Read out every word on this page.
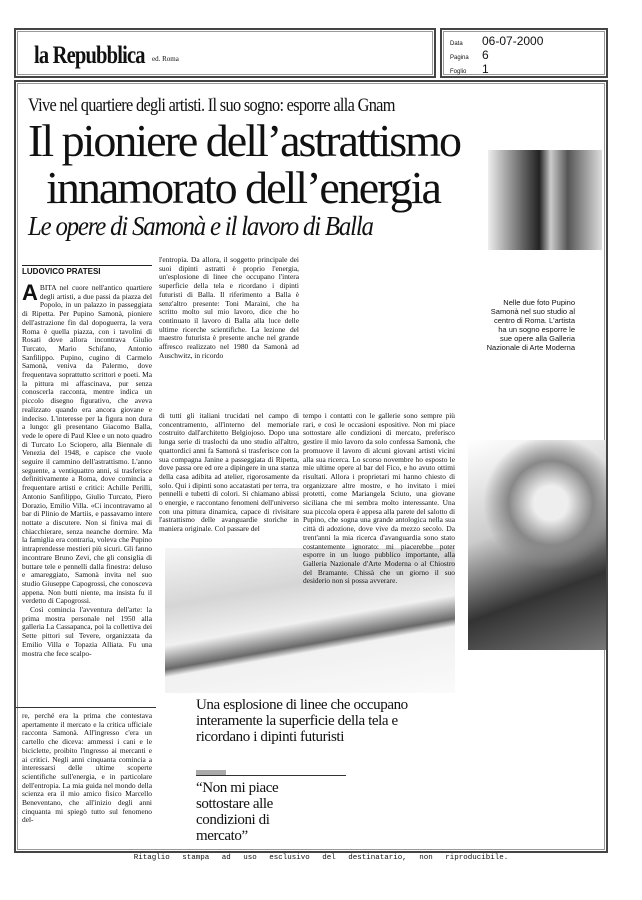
la Repubblica ed. Roma
Data 06-07-2000
Pagina 6
Foglio 1
Vive nel quartiere degli artisti. Il suo sogno: esporre alla Gnam
Il pioniere dell’astrattismo
innamorato dell’energia
Le opere di Samonà e il lavoro di Balla
Nelle due foto Pupino Samonà nel suo studio al centro di Roma. L'artista ha un sogno esporre le sue opere alla Galleria Nazionale di Arte Moderna
LUDOVICO PRATESI
ABITA nel cuore nell'antico quartiere degli artisti, a due passi da piazza del Popolo, in un palazzo in passeggiata di Ripetta. Per Pupino Samonà, pioniere dell'astrazione fin dal dopoguerra, la vera Roma è quella piazza, con i tavolini di Rosati dove allora incontrava Giulio Turcato, Mario Schifano, Antonio Sanfilippo. Pupino, cugino di Carmelo Samonà, veniva da Palermo, dove frequentava soprattutto scrittori e poeti. Ma la pittura mi affascinava, pur senza conoscerla racconta, mentre indica un piccolo disegno figurativo, che aveva realizzato quando era ancora giovane e indeciso. L'interesse per la figura non dura a lungo: gli presentano Giacomo Balla, vede le opere di Paul Klee e un noto quadro di Turcato Lo Sciopero, alla Biennale di Venezia del 1948, e capisce che vuole seguire il cammino dell'astrattismo. L'anno seguente, a ventiquattro anni, si trasferisce definitivamente a Roma, dove comincia a frequentare artisti e critici: Achille Perilli, Antonio Sanfilippo, Giulio Turcato, Piero Dorazio, Emilio Villa. «Ci incontravamo al bar di Plinio de Martiis, e passavamo intere nottate a discutere. Non si finiva mai di chiacchierare, senza neanche dormire. Ma la famiglia era contraria, voleva che Pupino intraprendesse mestieri più sicuri. Gli fanno incontrare Bruno Zevi, che gli consiglia di buttare tele e pennelli dalla finestra: deluso e amareggiato, Samonà invita nel suo studio Giuseppe Capogrossi, che conosceva appena. Non butti niente, ma insista fu il verdetto di Capogrossi.

Così comincia l'avventura dell'arte: la prima mostra personale nel 1950 alla galleria La Cassapanca, poi la collettiva dei Sette pittori sul Tevere, organizzata da Emilio Villa e Topazia Alliata. Fu una mostra che fece scalpo-

re, perché era la prima che contestava apertamente il mercato e la critica ufficiale racconta Samonà. All'ingresso c'era un cartello che diceva: ammessi i cani e le biciclette, proibito l'ingresso ai mercanti e ai critici. Negli anni cinquanta comincia a interessarsi delle ultime scoperte scientifiche sull'energia, e in particolare dell'entropia. La mia guida nel mondo della scienza era il mio amico fisico Marcello Beneventano, che all'inizio degli anni cinquanta mi spiegò tutto sul fenomeno del-
l'entropia. Da allora, il soggetto principale dei suoi dipinti astratti è proprio l'energia, un'esplosione di linee che occupano l'intera superficie della tela e ricordano i dipinti futuristi di Balla. Il riferimento a Balla è senz'altro presente: Toni Maraini, che ha scritto molto sul mio lavoro, dice che ho continuato il lavoro di Balla alla luce delle ultime ricerche scientifiche. La lezione del maestro futurista è presente anche nel grande affresco realizzato nel 1980 da Samonà ad Auschwitz, in ricordo
di tutti gli italiani trucidati nel campo di concentramento, all'interno del memoriale costruito dall'architetto Belgiojoso. Dopo una lunga serie di traslochi da uno studio all'altro, quattordici anni fa Samonà si trasferisce con la sua compagna Janine a passeggiata di Ripetta, dove passa ore ed ore a dipingere in una stanza della casa adibita ad atelier, rigorosamente da solo. Qui i dipinti sono accatastati per terra, tra pennelli e tubetti di colori. Si chiamano abissi o energie, e raccontano fenomeni dell'universo con una pittura dinamica, capace di rivisitare l'astrattismo delle avanguardie storiche in maniera originale. Col passare del
tempo i contatti con le gallerie sono sempre più rari, e così le occasioni espositive. Non mi piace sottostare alle condizioni di mercato, preferisco gestire il mio lavoro da solo confessa Samonà, che promuove il lavoro di alcuni giovani artisti vicini alla sua ricerca. Lo scorso novembre ho esposto le mie ultime opere al bar del Fico, e ho avuto ottimi risultati. Allora i proprietari mi hanno chiesto di organizzare altre mostre, e ho invitato i miei protetti, come Mariangela Sciuto, una giovane siciliana che mi sembra molto interessante. Una sua piccola opera è appesa alla parete del salotto di Pupino, che sogna una grande antologica nella sua città di adozione, dove vive da mezzo secolo. Da trent'anni la mia ricerca d'avanguardia sono stato costantemente ignorato: mi piacerebbe poter esporre in un luogo pubblico importante, alla Galleria Nazionale d'Arte Moderna o al Chiostro del Bramante. Chissà che un giorno il suo desiderio non si possa avverare.
Una esplosione di linee che occupano interamente la superficie della tela e ricordano i dipinti futuristi
“Non mi piace sottostare alle condizioni di mercato”
Ritaglio stampa ad uso esclusivo del destinatario, non riproducibile.
